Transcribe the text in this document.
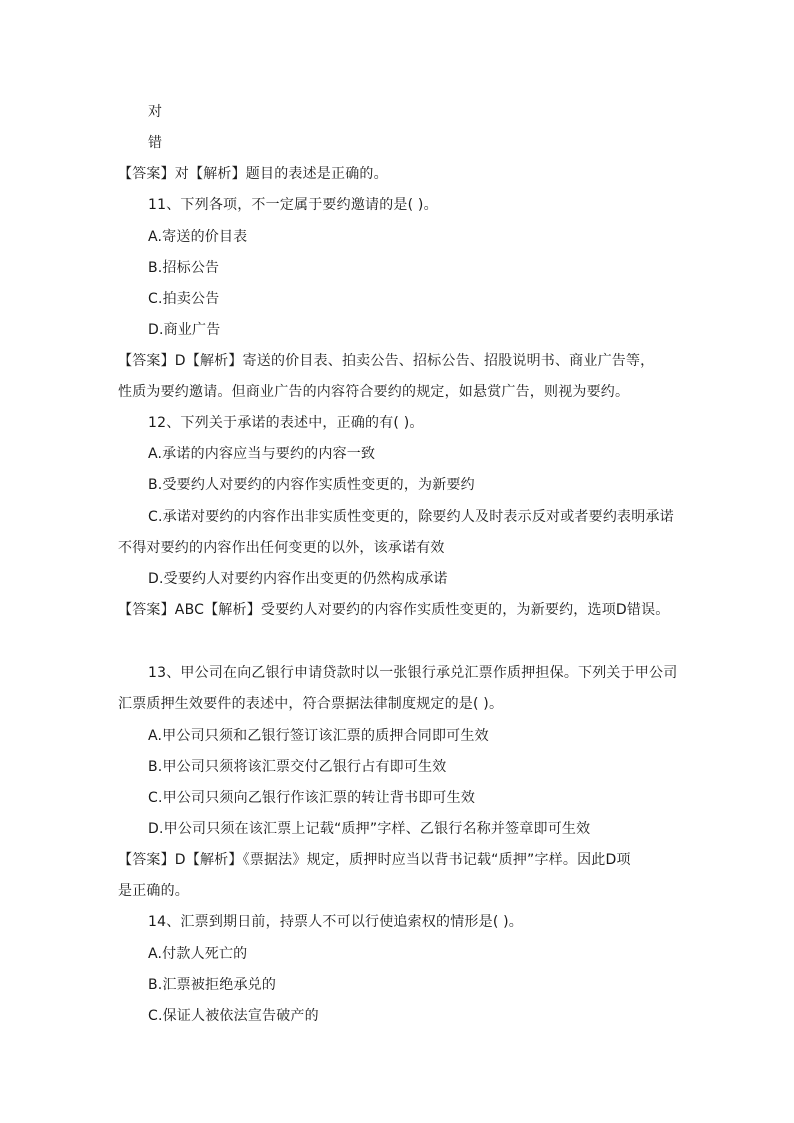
对
错
【答案】对【解析】题目的表述是正确的。
11、下列各项，不一定属于要约邀请的是( )。
A.寄送的价目表
B.招标公告
C.拍卖公告
D.商业广告
【答案】D【解析】寄送的价目表、拍卖公告、招标公告、招股说明书、商业广告等，
性质为要约邀请。但商业广告的内容符合要约的规定，如悬赏广告，则视为要约。
12、下列关于承诺的表述中，正确的有( )。
A.承诺的内容应当与要约的内容一致
B.受要约人对要约的内容作实质性变更的，为新要约
C.承诺对要约的内容作出非实质性变更的，除要约人及时表示反对或者要约表明承诺
不得对要约的内容作出任何变更的以外，该承诺有效
D.受要约人对要约内容作出变更的仍然构成承诺
【答案】ABC【解析】受要约人对要约的内容作实质性变更的，为新要约，选项D错误。
13、甲公司在向乙银行申请贷款时以一张银行承兑汇票作质押担保。下列关于甲公司
汇票质押生效要件的表述中，符合票据法律制度规定的是( )。
A.甲公司只须和乙银行签订该汇票的质押合同即可生效
B.甲公司只须将该汇票交付乙银行占有即可生效
C.甲公司只须向乙银行作该汇票的转让背书即可生效
D.甲公司只须在该汇票上记载“质押”字样、乙银行名称并签章即可生效
【答案】D【解析】《票据法》规定，质押时应当以背书记载“质押”字样。因此D项
是正确的。
14、汇票到期日前，持票人不可以行使追索权的情形是( )。
A.付款人死亡的
B.汇票被拒绝承兑的
C.保证人被依法宣告破产的
